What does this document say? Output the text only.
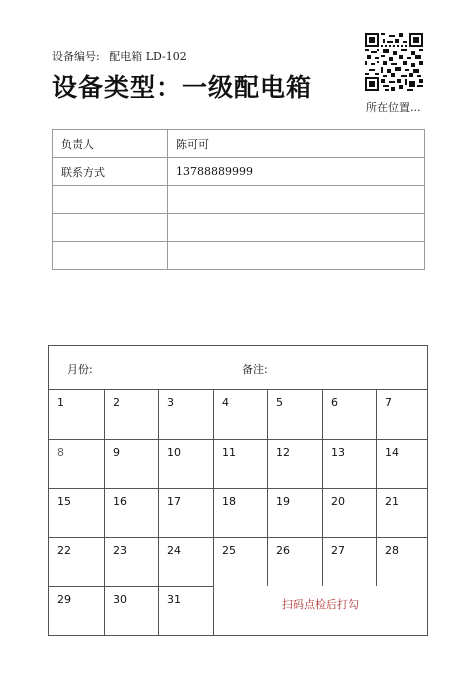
设备编号: 配电箱 LD-102
设备类型：一级配电箱
所在位置...
负责人	陈可可
联系方式	13788889999

月份:	备注:
扫码点检后打勾
1	2	3	4	5	6	7
8	9	10	11	12	13	14
15	16	17	18	19	20	21
22	23	24	25	26	27	28
29	30	31
